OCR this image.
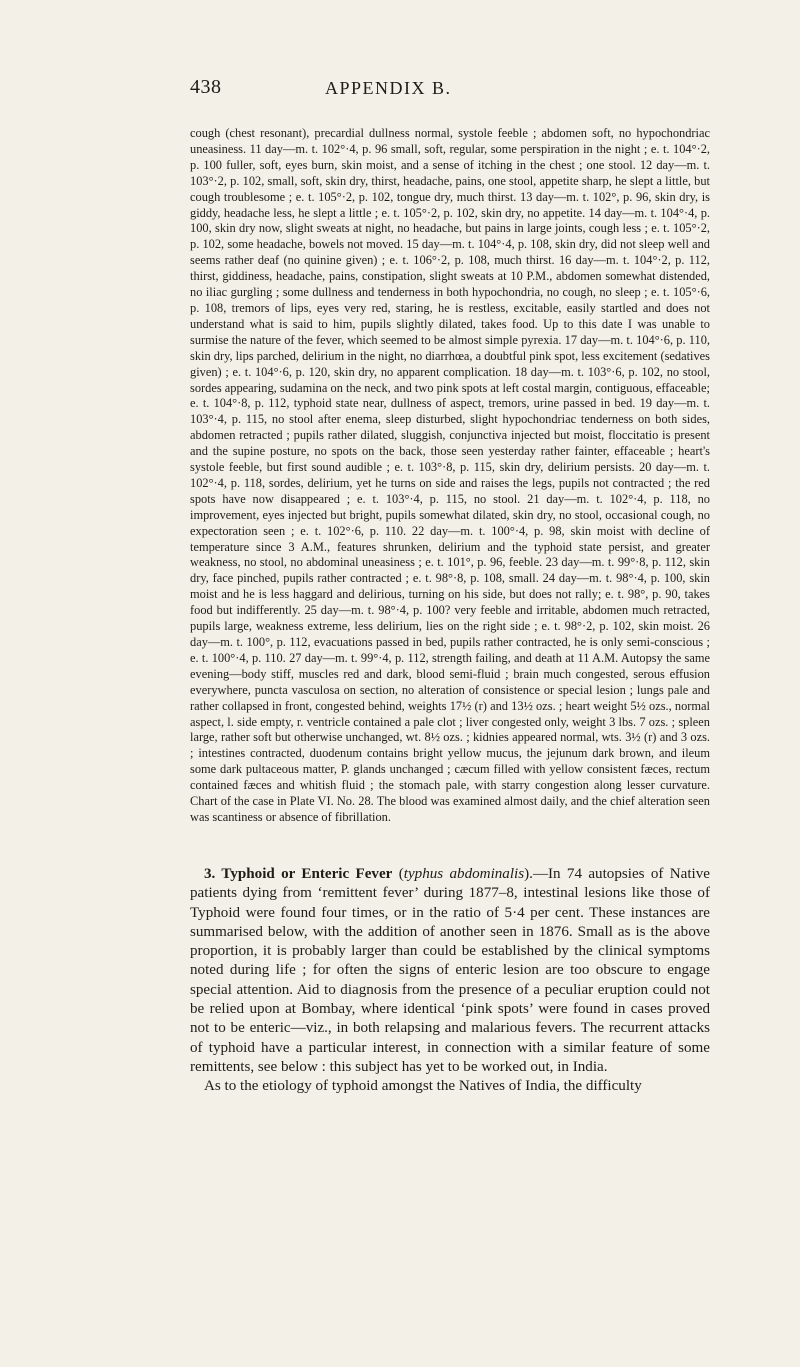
438	APPENDIX B.

cough (chest resonant), precardial dullness normal, systole feeble ; abdomen soft, no hypochondriac uneasiness. 11 day—m. t. 102°·4, p. 96 small, soft, regular, some perspiration in the night ; e. t. 104°·2, p. 100 fuller, soft, eyes burn, skin moist, and a sense of itching in the chest ; one stool. 12 day—m. t. 103°·2, p. 102, small, soft, skin dry, thirst, headache, pains, one stool, appetite sharp, he slept a little, but cough troublesome ; e. t. 105°·2, p. 102, tongue dry, much thirst. 13 day—m. t. 102°, p. 96, skin dry, is giddy, headache less, he slept a little ; e. t. 105°·2, p. 102, skin dry, no appetite. 14 day—m. t. 104°·4, p. 100, skin dry now, slight sweats at night, no headache, but pains in large joints, cough less ; e. t. 105°·2, p. 102, some headache, bowels not moved. 15 day—m. t. 104°·4, p. 108, skin dry, did not sleep well and seems rather deaf (no quinine given) ; e. t. 106°·2, p. 108, much thirst. 16 day—m. t. 104°·2, p. 112, thirst, giddiness, headache, pains, constipation, slight sweats at 10 P.M., abdomen somewhat distended, no iliac gurgling ; some dullness and tenderness in both hypochondria, no cough, no sleep ; e. t. 105°·6, p. 108, tremors of lips, eyes very red, staring, he is restless, excitable, easily startled and does not understand what is said to him, pupils slightly dilated, takes food. Up to this date I was unable to surmise the nature of the fever, which seemed to be almost simple pyrexia. 17 day—m. t. 104°·6, p. 110, skin dry, lips parched, delirium in the night, no diarrhœa, a doubtful pink spot, less excitement (sedatives given) ; e. t. 104°·6, p. 120, skin dry, no apparent complication. 18 day—m. t. 103°·6, p. 102, no stool, sordes appearing, sudamina on the neck, and two pink spots at left costal margin, contiguous, effaceable; e. t. 104°·8, p. 112, typhoid state near, dullness of aspect, tremors, urine passed in bed. 19 day—m. t. 103°·4, p. 115, no stool after enema, sleep disturbed, slight hypochondriac tenderness on both sides, abdomen retracted ; pupils rather dilated, sluggish, conjunctiva injected but moist, floccitatio is present and the supine posture, no spots on the back, those seen yesterday rather fainter, effaceable ; heart's systole feeble, but first sound audible ; e. t. 103°·8, p. 115, skin dry, delirium persists. 20 day—m. t. 102°·4, p. 118, sordes, delirium, yet he turns on side and raises the legs, pupils not contracted ; the red spots have now disappeared ; e. t. 103°·4, p. 115, no stool. 21 day—m. t. 102°·4, p. 118, no improvement, eyes injected but bright, pupils somewhat dilated, skin dry, no stool, occasional cough, no expectoration seen ; e. t. 102°·6, p. 110. 22 day—m. t. 100°·4, p. 98, skin moist with decline of temperature since 3 A.M., features shrunken, delirium and the typhoid state persist, and greater weakness, no stool, no abdominal uneasiness ; e. t. 101°, p. 96, feeble. 23 day—m. t. 99°·8, p. 112, skin dry, face pinched, pupils rather contracted ; e. t. 98°·8, p. 108, small. 24 day—m. t. 98°·4, p. 100, skin moist and he is less haggard and delirious, turning on his side, but does not rally; e. t. 98°, p. 90, takes food but indifferently. 25 day—m. t. 98°·4, p. 100? very feeble and irritable, abdomen much retracted, pupils large, weakness extreme, less delirium, lies on the right side ; e. t. 98°·2, p. 102, skin moist. 26 day—m. t. 100°, p. 112, evacuations passed in bed, pupils rather contracted, he is only semi-conscious ; e. t. 100°·4, p. 110. 27 day—m. t. 99°·4, p. 112, strength failing, and death at 11 A.M. Autopsy the same evening—body stiff, muscles red and dark, blood semi-fluid ; brain much congested, serous effusion everywhere, puncta vasculosa on section, no alteration of consistence or special lesion ; lungs pale and rather collapsed in front, congested behind, weights 17½ (r) and 13½ ozs. ; heart weight 5½ ozs., normal aspect, l. side empty, r. ventricle contained a pale clot ; liver congested only, weight 3 lbs. 7 ozs. ; spleen large, rather soft but otherwise unchanged, wt. 8½ ozs. ; kidnies appeared normal, wts. 3½ (r) and 3 ozs. ; intestines contracted, duodenum contains bright yellow mucus, the jejunum dark brown, and ileum some dark pultaceous matter, P. glands unchanged ; cæcum filled with yellow consistent fæces, rectum contained fæces and whitish fluid ; the stomach pale, with starry congestion along lesser curvature. Chart of the case in Plate VI. No. 28. The blood was examined almost daily, and the chief alteration seen was scantiness or absence of fibrillation.

3. Typhoid or Enteric Fever (typhus abdominalis).—In 74 autopsies of Native patients dying from ‘remittent fever’ during 1877–8, intestinal lesions like those of Typhoid were found four times, or in the ratio of 5·4 per cent. These instances are summarised below, with the addition of another seen in 1876. Small as is the above proportion, it is probably larger than could be established by the clinical symptoms noted during life ; for often the signs of enteric lesion are too obscure to engage special attention. Aid to diagnosis from the presence of a peculiar eruption could not be relied upon at Bombay, where identical ‘pink spots’ were found in cases proved not to be enteric—viz., in both relapsing and malarious fevers. The recurrent attacks of typhoid have a particular interest, in connection with a similar feature of some remittents, see below : this subject has yet to be worked out, in India.

As to the etiology of typhoid amongst the Natives of India, the difficulty
